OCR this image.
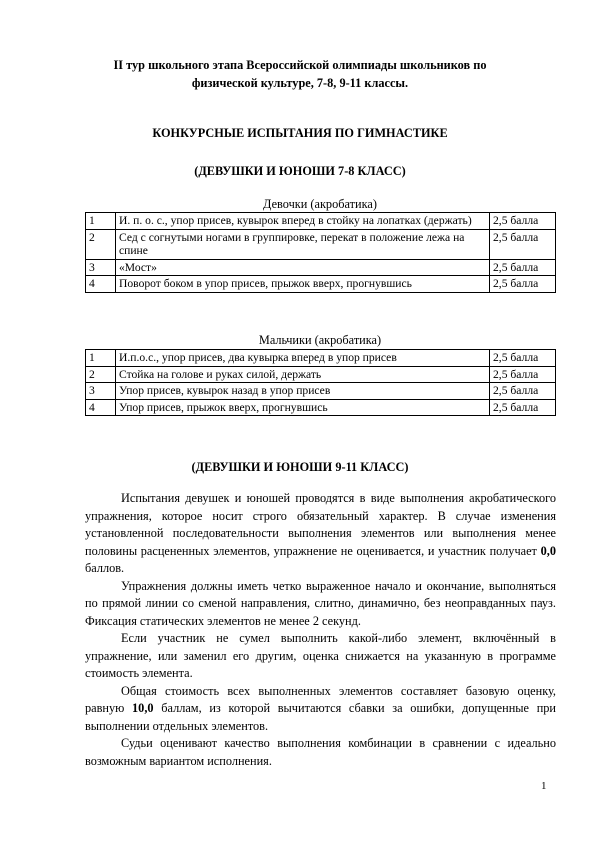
II тур школьного этапа Всероссийской олимпиады школьников по
физической культуре, 7-8, 9-11 классы.
КОНКУРСНЫЕ ИСПЫТАНИЯ ПО ГИМНАСТИКЕ
(ДЕВУШКИ И ЮНОШИ 7-8 КЛАСС)
Девочки (акробатика)
1	И. п. о. с., упор присев, кувырок вперед в стойку на лопатках (держать)	2,5 балла
2	Сед с согнутыми ногами в группировке, перекат в положение лежа на спине	2,5 балла
3	«Мост»	2,5 балла
4	Поворот боком в упор присев, прыжок вверх, прогнувшись	2,5 балла
Мальчики (акробатика)
1	И.п.о.с., упор присев, два кувырка вперед в упор присев	2,5 балла
2	Стойка на голове и руках силой, держать	2,5 балла
3	Упор присев, кувырок назад в упор присев	2,5 балла
4	Упор присев, прыжок вверх, прогнувшись	2,5 балла
(ДЕВУШКИ И ЮНОШИ 9-11 КЛАСС)

Испытания девушек и юношей проводятся в виде выполнения акробатического упражнения, которое носит строго обязательный характер. В случае изменения установленной последовательности выполнения элементов или выполнения менее половины расцененных элементов, упражнение не оценивается, и участник получает 0,0 баллов.

Упражнения должны иметь четко выраженное начало и окончание, выполняться по прямой линии со сменой направления, слитно, динамично, без неоправданных пауз. Фиксация статических элементов не менее 2 секунд.

Если участник не сумел выполнить какой-либо элемент, включённый в упражнение, или заменил его другим, оценка снижается на указанную в программе стоимость элемента.

Общая стоимость всех выполненных элементов составляет базовую оценку, равную 10,0 баллам, из которой вычитаются сбавки за ошибки, допущенные при выполнении отдельных элементов.

Судьи оценивают качество выполнения комбинации в сравнении с идеально возможным вариантом исполнения.

1
